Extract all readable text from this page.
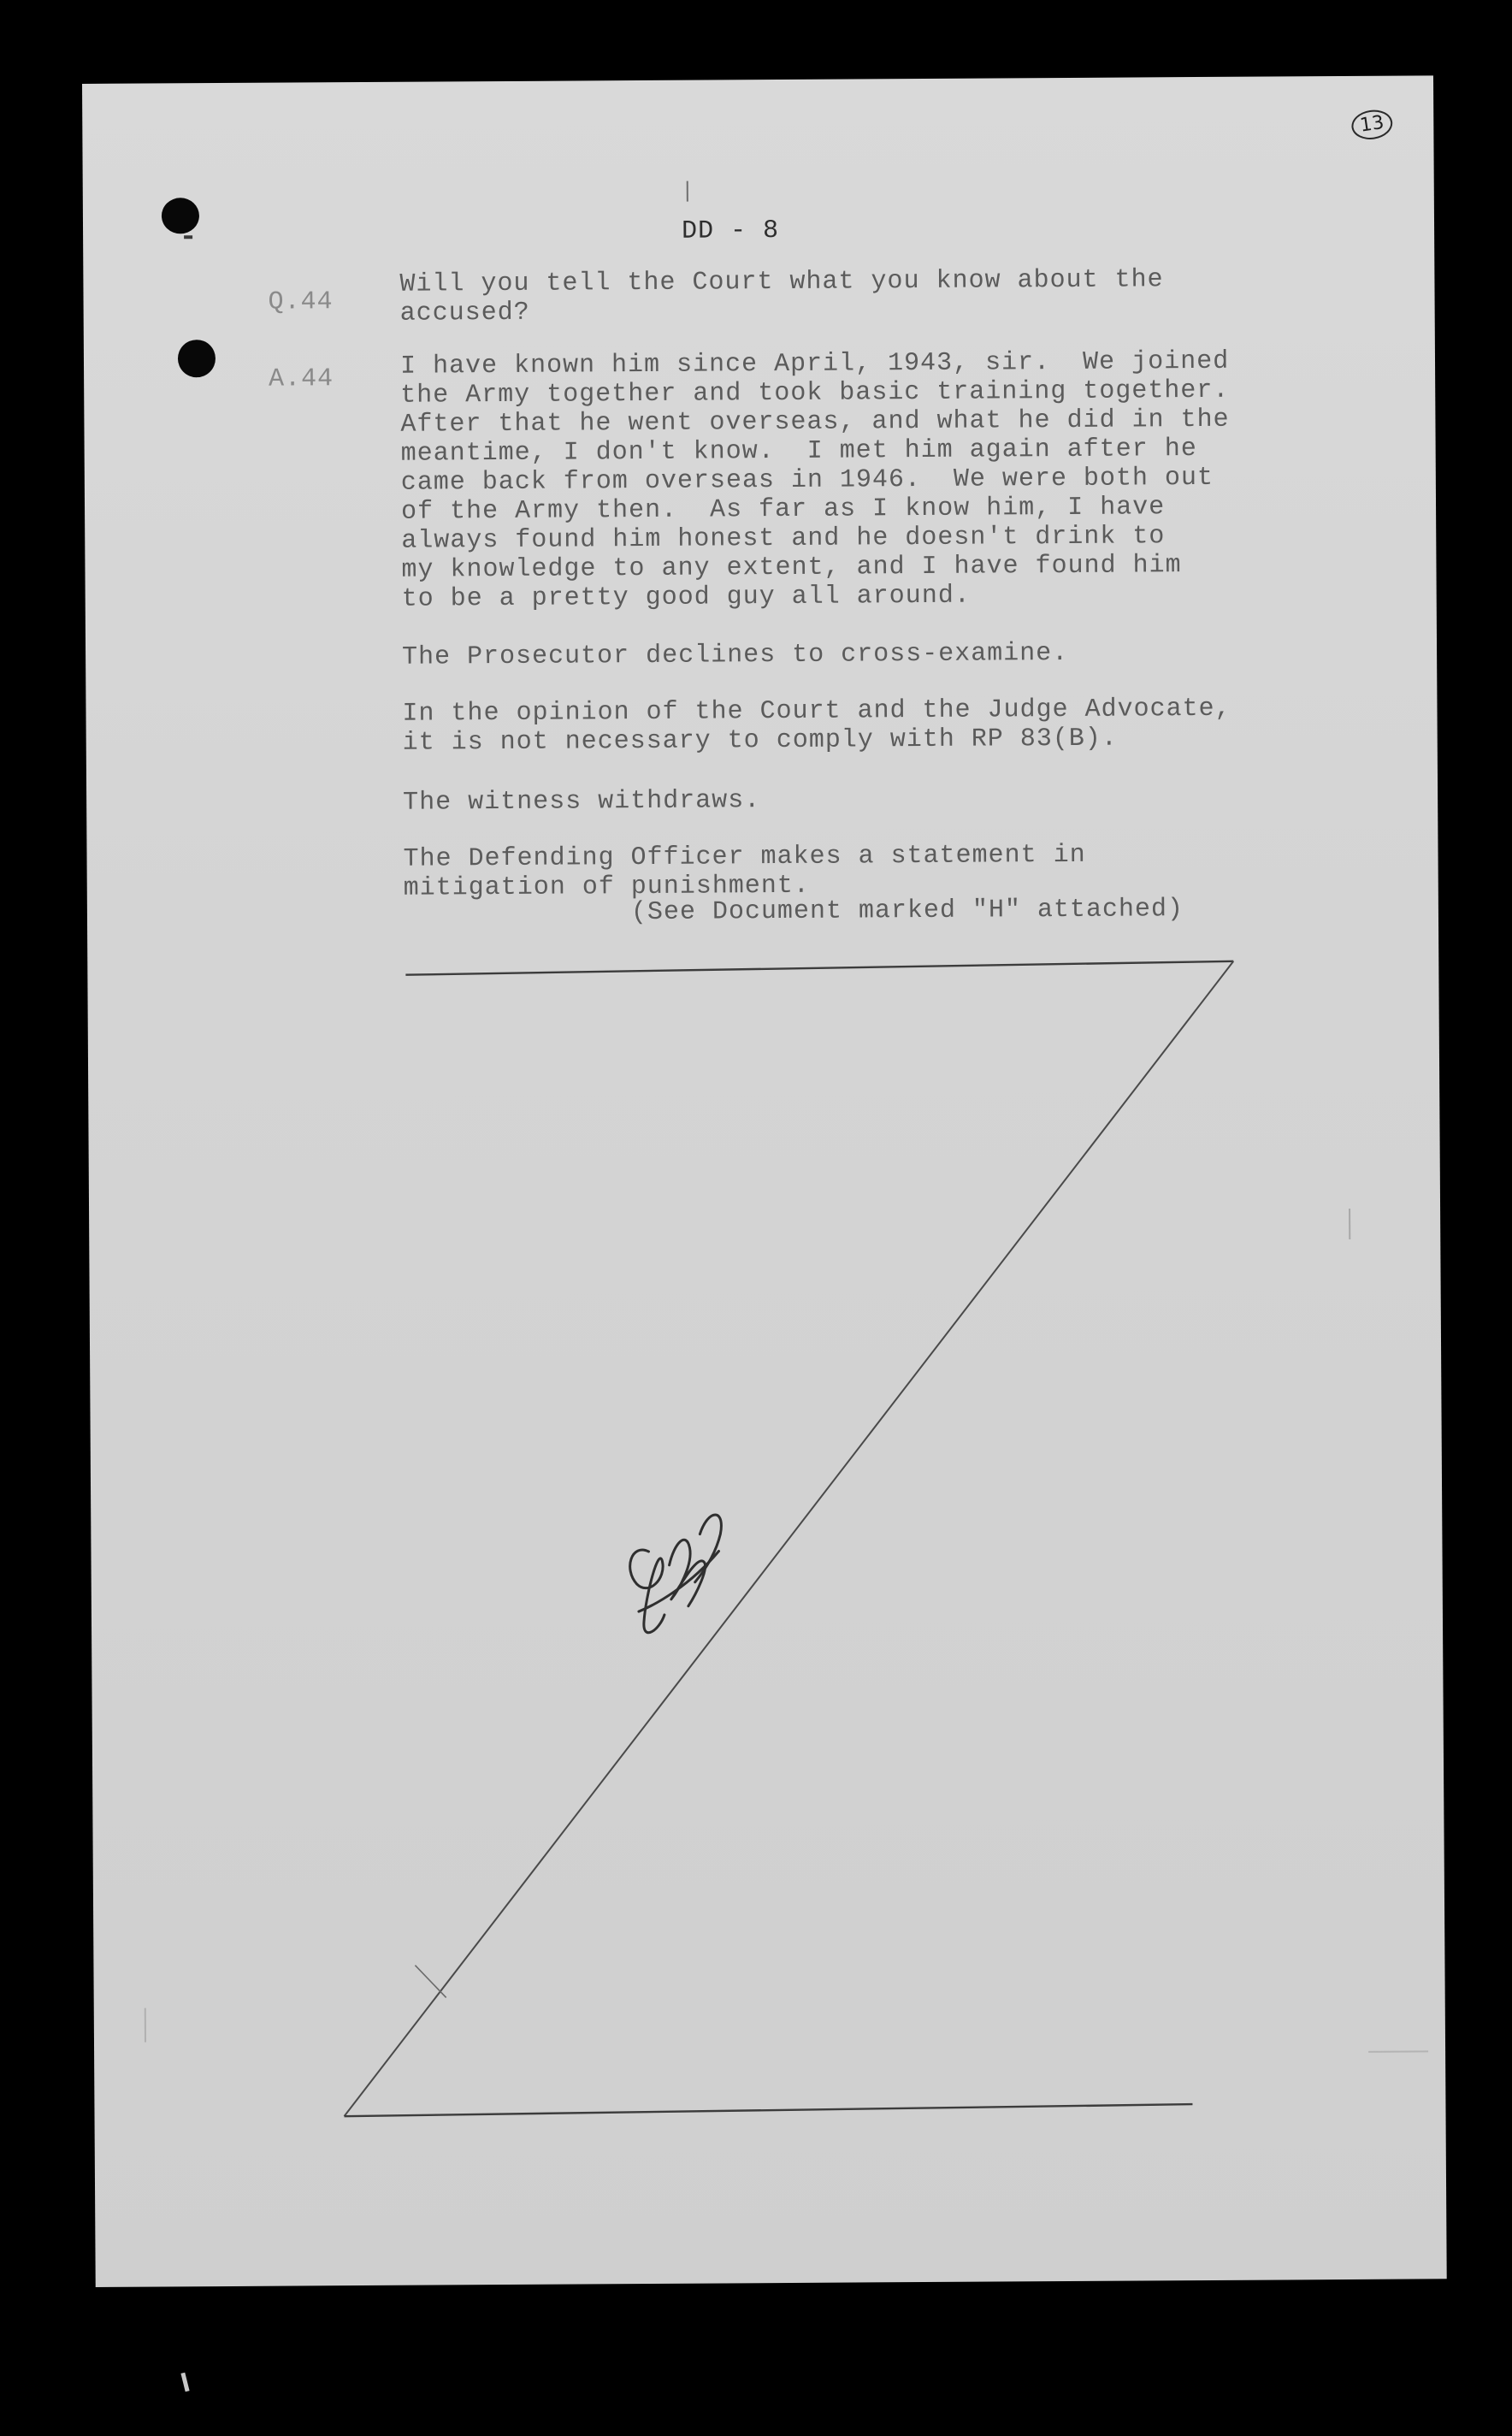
13
DD - 8
Q.44
Will you tell the Court what you know about the
accused?
A.44	I have known him since April, 1943, sir.  We joined
the Army together and took basic training together.
After that he went overseas, and what he did in the
meantime, I don't know.  I met him again after he
came back from overseas in 1946.  We were both out
of the Army then.  As far as I know him, I have
always found him honest and he doesn't drink to
my knowledge to any extent, and I have found him
to be a pretty good guy all around.
The Prosecutor declines to cross-examine.
In the opinion of the Court and the Judge Advocate,
it is not necessary to comply with RP 83(B).
The witness withdraws.
The Defending Officer makes a statement in
mitigation of punishment.
(See Document marked "H" attached)
